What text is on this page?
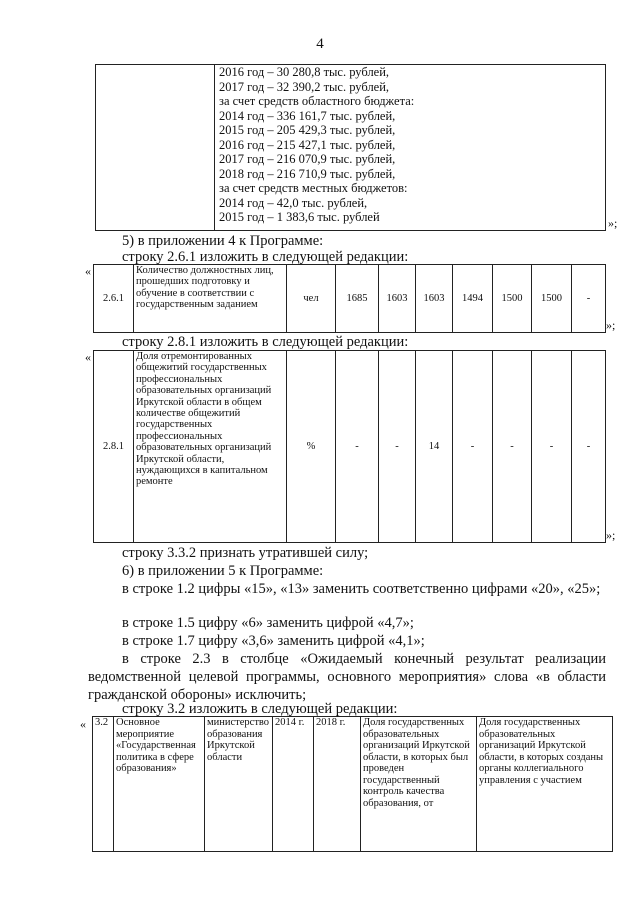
4

2016 год – 30 280,8 тыс. рублей,
2017 год – 32 390,2 тыс. рублей,
за счет средств областного бюджета:
2014 год – 336 161,7 тыс. рублей,
2015 год – 205 429,3 тыс. рублей,
2016 год – 215 427,1 тыс. рублей,
2017 год – 216 070,9 тыс. рублей,
2018 год – 216 710,9 тыс. рублей,
за счет средств местных бюджетов:
2014 год – 42,0 тыс. рублей,
2015 год – 1 383,6 тыс. рублей	»;
5) в приложении 4 к Программе:
строку 2.6.1 изложить в следующей редакции:
«
2.6.1	Количество должностных лиц, прошедших подготовку и обучение в соответствии с государственным заданием	чел	1685	1603	1603	1494	1500	1500	-
»;
строку 2.8.1 изложить в следующей редакции:
«
2.8.1	Доля отремонтированных общежитий государственных профессиональных образовательных организаций Иркутской области в общем количестве общежитий государственных профессиональных образовательных организаций Иркутской области, нуждающихся в капитальном ремонте	%	-	-	14	-	-	-	-
»;
строку 3.3.2 признать утратившей силу;
6) в приложении 5 к Программе:
в строке 1.2 цифры «15», «13» заменить соответственно цифрами «20», «25»;
в строке 1.5 цифру «6» заменить цифрой «4,7»;
в строке 1.7 цифру «3,6» заменить цифрой «4,1»;
в строке 2.3 в столбце «Ожидаемый конечный результат реализации ведомственной целевой программы, основного мероприятия» слова «в области гражданской обороны» исключить;
строку 3.2 изложить в следующей редакции:
« 3.2	Основное мероприятие «Государственная политика в сфере образования»	министерство образования Иркутской области	2014 г.	2018 г.	Доля государственных образовательных организаций Иркутской области, в которых был проведен государственный контроль качества образования, от	Доля государственных образовательных организаций Иркутской области, в которых созданы органы коллегиального управления с участием
